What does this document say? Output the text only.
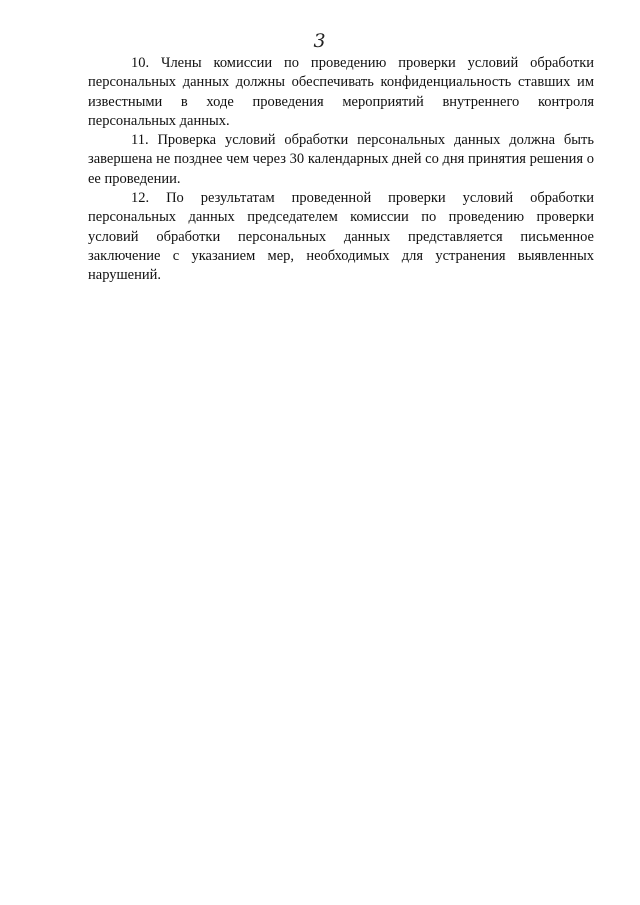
3

10. Члены комиссии по проведению проверки условий обработки персональных данных должны обеспечивать конфиденциальность ставших им известными в ходе проведения мероприятий внутреннего контроля персональных данных.

11. Проверка условий обработки персональных данных должна быть завершена не позднее чем через 30 календарных дней со дня принятия решения о ее проведении.

12. По результатам проведенной проверки условий обработки персональных данных председателем комиссии по проведению проверки условий обработки персональных данных представляется письменное заключение с указанием мер, необходимых для устранения выявленных нарушений.
